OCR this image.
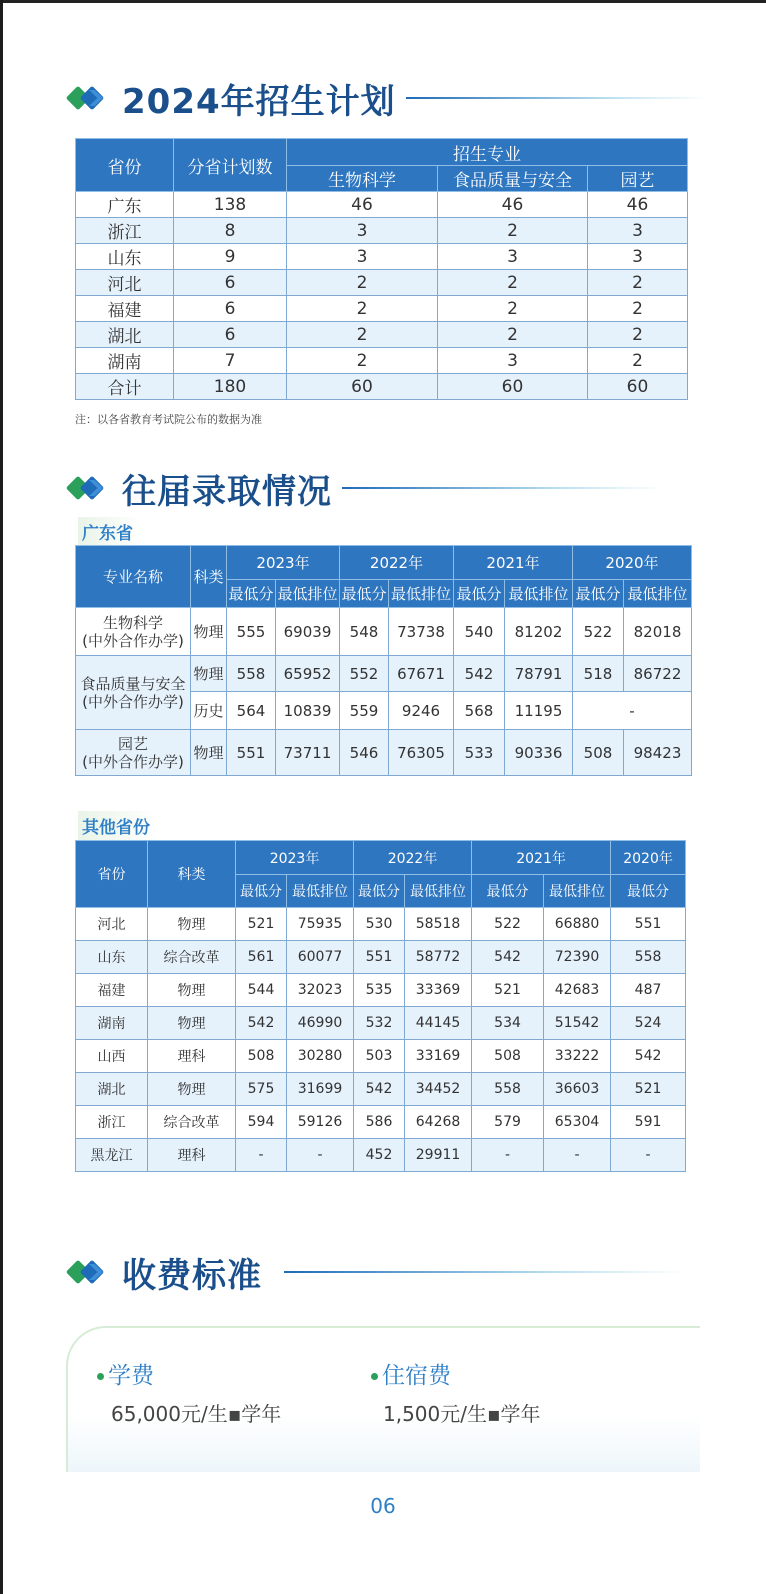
2024年招生计划
省份	分省计划数	招生专业		
		生物科学	食品质量与安全	园艺
广东	138	46	46	46
浙江	8	3	2	3
山东	9	3	3	3
河北	6	2	2	2
福建	6	2	2	2
湖北	6	2	2	2
湖南	7	2	3	2
合计	180	60	60	60
注：以各省教育考试院公布的数据为准
往届录取情况
广东省
专业名称	科类	2023年		2022年		2021年		2020年	
		最低分	最低排位	最低分	最低排位	最低分	最低排位	最低分	最低排位
生物科学
(中外合作办学)	物理	555	69039	548	73738	540	81202	522	82018
食品质量与安全
(中外合作办学)	物理	558	65952	552	67671	542	78791	518	86722
	历史	564	10839	559	9246	568	11195	-	
园艺
(中外合作办学)	物理	551	73711	546	76305	533	90336	508	98423
其他省份
省份	科类	2023年		2022年		2021年		2020年
		最低分	最低排位	最低分	最低排位	最低分	最低排位	最低分
河北	物理	521	75935	530	58518	522	66880	551
山东	综合改革	561	60077	551	58772	542	72390	558
福建	物理	544	32023	535	33369	521	42683	487
湖南	物理	542	46990	532	44145	534	51542	524
山西	理科	508	30280	503	33169	508	33222	542
湖北	物理	575	31699	542	34452	558	36603	521
浙江	综合改革	594	59126	586	64268	579	65304	591
黑龙江	理科	-	-	452	29911	-	-	-
收费标准
学费
65,000元/生▪学年
住宿费
1,500元/生▪学年
06
